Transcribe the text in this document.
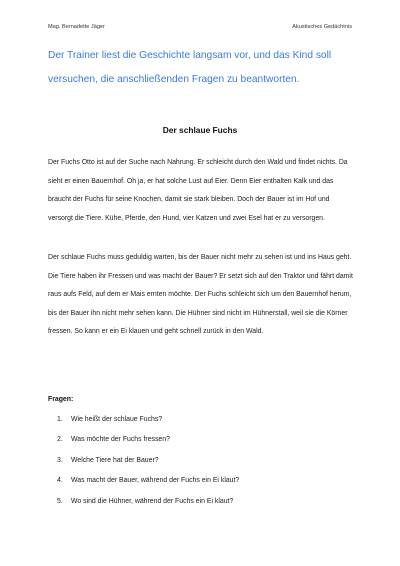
Mag. Bernadette Jäger	Akustisches Gedächtnis
Der Trainer liest die Geschichte langsam vor, und das Kind soll versuchen, die anschließenden Fragen zu beantworten.
Der schlaue Fuchs
Der Fuchs Otto ist auf der Suche nach Nahrung. Er schleicht durch den Wald und findet nichts. Da sieht er einen Bauernhof. Oh ja, er hat solche Lust auf Eier. Denn Eier enthalten Kalk und das braucht der Fuchs für seine Knochen, damit sie stark bleiben. Doch der Bauer ist im Hof und versorgt die Tiere. Kühe, Pferde, den Hund, vier Katzen und zwei Esel hat er zu versorgen.
Der schlaue Fuchs muss geduldig warten, bis der Bauer nicht mehr zu sehen ist und ins Haus geht. Die Tiere haben ihr Fressen und was macht der Bauer? Er setzt sich auf den Traktor und fährt damit raus aufs Feld, auf dem er Mais ernten möchte. Der Fuchs schleicht sich um den Bauernhof herum, bis der Bauer ihn nicht mehr sehen kann. Die Hühner sind nicht im Hühnerstall, weil sie die Körner fressen. So kann er ein Ei klauen und geht schnell zurück in den Wald.
Fragen:
1.	Wie heißt der schlaue Fuchs?
2.	Was möchte der Fuchs fressen?
3.	Welche Tiere hat der Bauer?
4.	Was macht der Bauer, während der Fuchs ein Ei klaut?
5.	Wo sind die Hühner, während der Fuchs ein Ei klaut?
